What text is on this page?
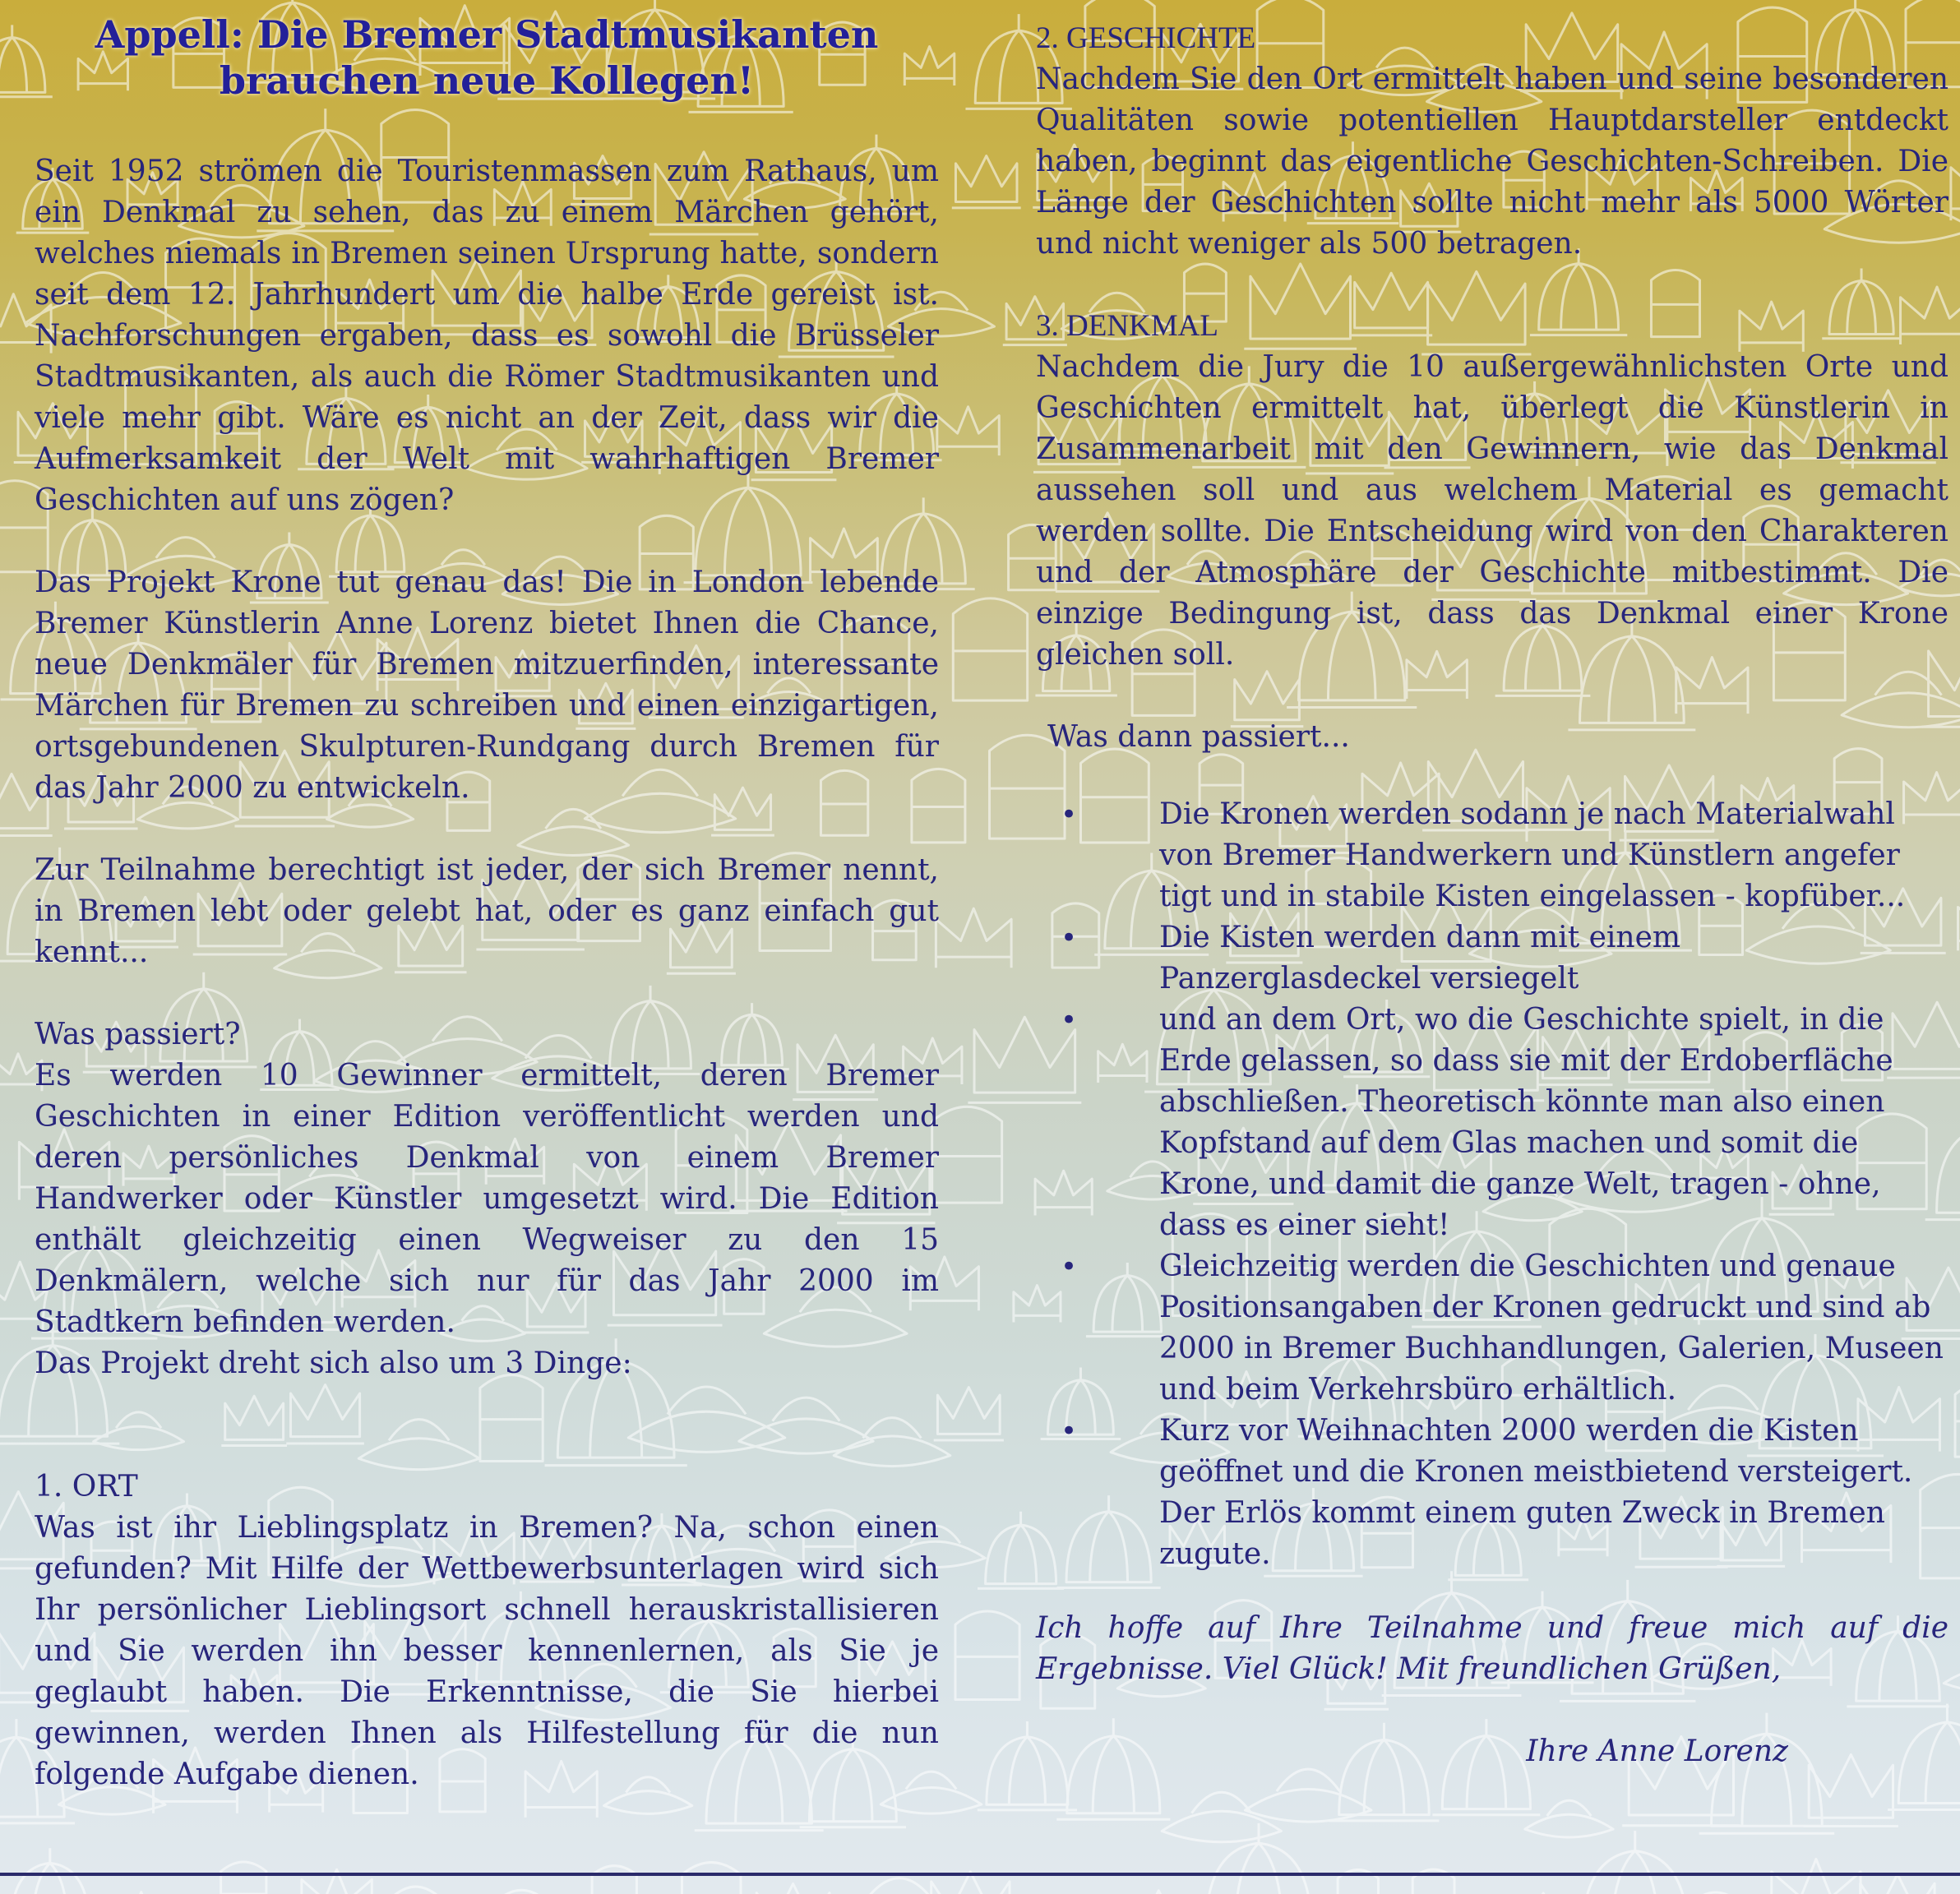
Appell: Die Bremer Stadtmusikanten
brauchen neue Kollegen!

Seit 1952 strömen die Touristenmassen zum Rathaus, um ein Denkmal zu sehen, das zu einem Märchen gehört, welches niemals in Bremen seinen Ursprung hatte, sondern seit dem 12. Jahrhundert um die halbe Erde gereist ist. Nachforschungen ergaben, dass es sowohl die Brüsseler Stadtmusikanten, als auch die Römer Stadtmusikanten und viele mehr gibt. Wäre es nicht an der Zeit, dass wir die Aufmerksamkeit der Welt mit wahrhaftigen Bremer Geschichten auf uns zögen?

Das Projekt Krone tut genau das! Die in London lebende Bremer Künstlerin Anne Lorenz bietet Ihnen die Chance, neue Denkmäler für Bremen mitzuerfinden, interessante Märchen für Bremen zu schreiben und einen einzigartigen, ortsgebundenen Skulpturen-Rundgang durch Bremen für das Jahr 2000 zu entwickeln.

Zur Teilnahme berechtigt ist jeder, der sich Bremer nennt, in Bremen lebt oder gelebt hat, oder es ganz einfach gut kennt...

Was passiert?

Es werden 10 Gewinner ermittelt, deren Bremer Geschichten in einer Edition veröffentlicht werden und deren persönliches Denkmal von einem Bremer Handwerker oder Künstler umgesetzt wird. Die Edition enthält gleichzeitig einen Wegweiser zu den 15 Denkmälern, welche sich nur für das Jahr 2000 im Stadtkern befinden werden.

Das Projekt dreht sich also um 3 Dinge:

1. ORT

Was ist ihr Lieblingsplatz in Bremen? Na, schon einen gefunden? Mit Hilfe der Wettbewerbsunterlagen wird sich Ihr persönlicher Lieblingsort schnell herauskristallisieren und Sie werden ihn besser kennenlernen, als Sie je geglaubt haben. Die Erkenntnisse, die Sie hierbei gewinnen, werden Ihnen als Hilfestellung für die nun folgende Aufgabe dienen.

2. GESCHICHTE

Nachdem Sie den Ort ermittelt haben und seine besonderen Qualitäten sowie potentiellen Hauptdarsteller entdeckt haben, beginnt das eigentliche Geschichten-Schreiben. Die Länge der Geschichten sollte nicht mehr als 5000 Wörter und nicht weniger als 500 betragen.

3. DENKMAL

Nachdem die Jury die 10 außergewähnlichsten Orte und Geschichten ermittelt hat, überlegt die Künstlerin in Zusammenarbeit mit den Gewinnern, wie das Denkmal aussehen soll und aus welchem Material es gemacht werden sollte. Die Entscheidung wird von den Charakteren und der Atmosphäre der Geschichte mitbestimmt. Die einzige Bedingung ist, dass das Denkmal einer Krone gleichen soll.

Was dann passiert...

•	Die Kronen werden sodann je nach Materialwahl von Bremer Handwerkern und Künstlern angefer tigt und in stabile Kisten eingelassen - kopfüber...
•	Die Kisten werden dann mit einem Panzerglasdeckel versiegelt
•	und an dem Ort, wo die Geschichte spielt, in die Erde gelassen, so dass sie mit der Erdoberfläche abschließen. Theoretisch könnte man also einen Kopfstand auf dem Glas machen und somit die Krone, und damit die ganze Welt, tragen - ohne, dass es einer sieht!
•	Gleichzeitig werden die Geschichten und genaue Positionsangaben der Kronen gedruckt und sind ab 2000 in Bremer Buchhandlungen, Galerien, Museen und beim Verkehrsbüro erhältlich.
•	Kurz vor Weihnachten 2000 werden die Kisten geöffnet und die Kronen meistbietend versteigert. Der Erlös kommt einem guten Zweck in Bremen zugute.

Ich hoffe auf Ihre Teilnahme und freue mich auf die Ergebnisse. Viel Glück! Mit freundlichen Grüßen,

Ihre Anne Lorenz
